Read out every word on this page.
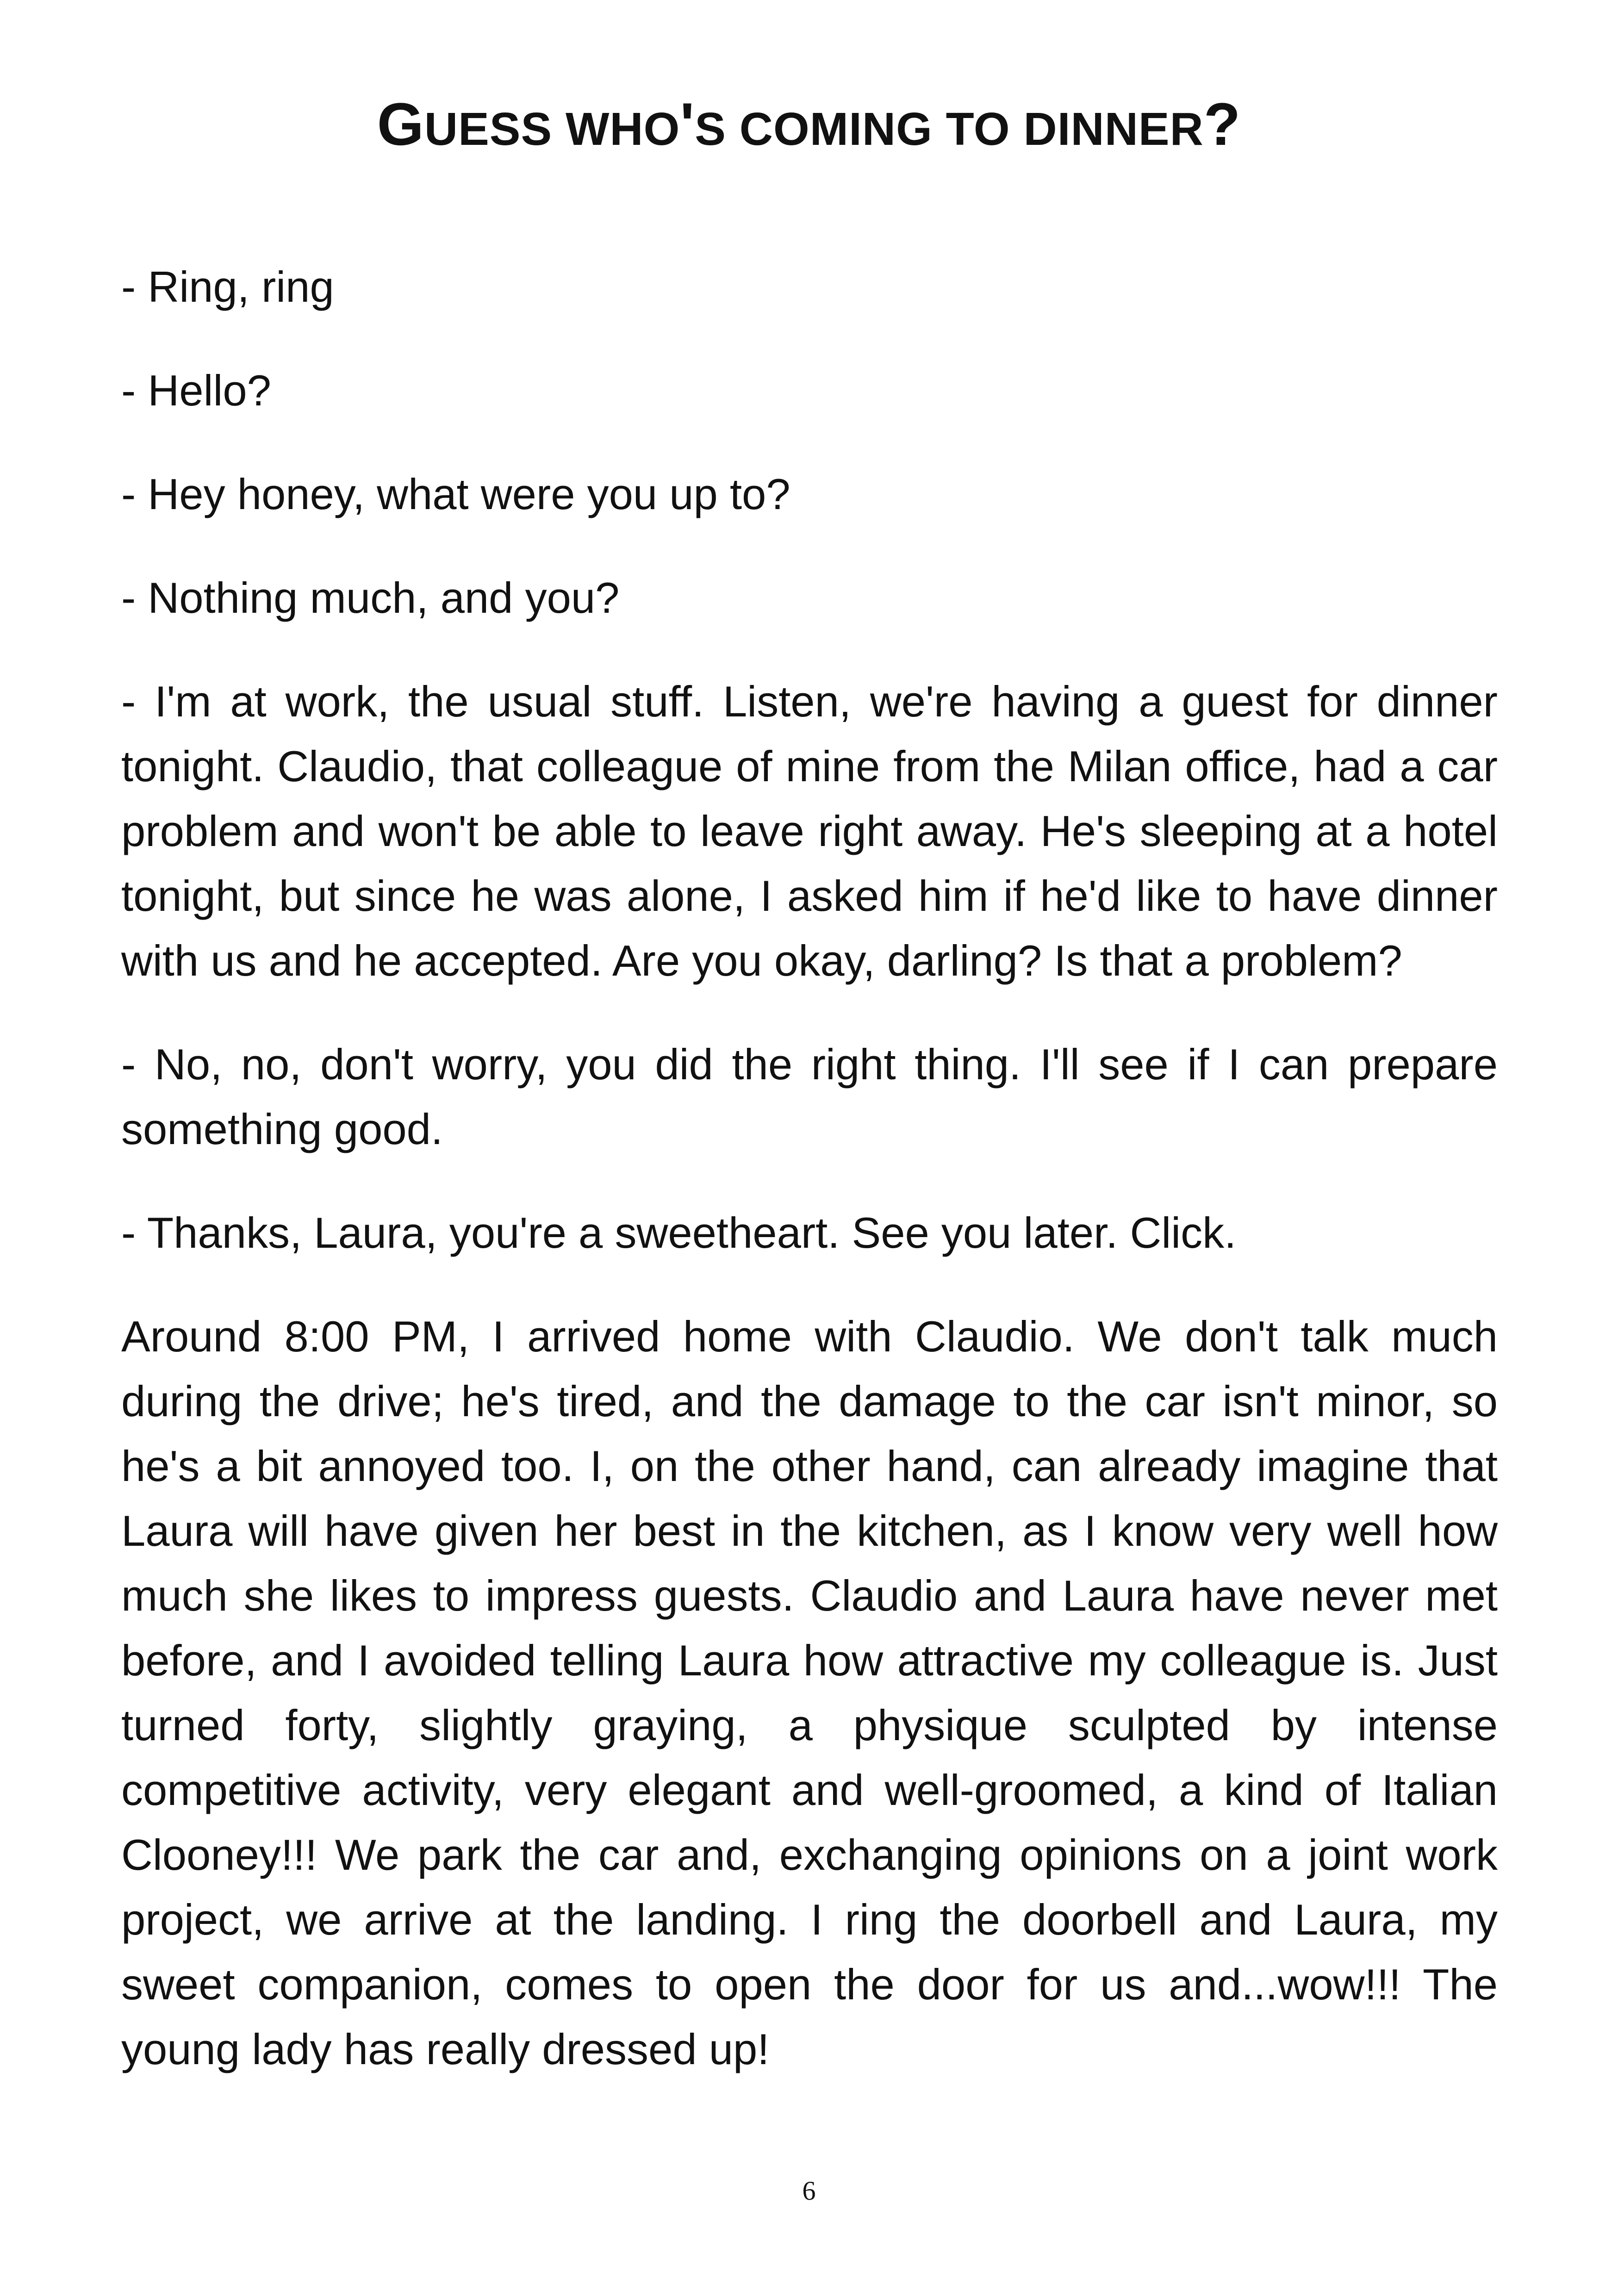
GUESS WHO'S COMING TO DINNER?

- Ring, ring

- Hello?

- Hey honey, what were you up to?

- Nothing much, and you?

- I'm at work, the usual stuff. Listen, we're having a guest for dinner tonight. Claudio, that colleague of mine from the Milan office, had a car problem and won't be able to leave right away. He's sleeping at a hotel tonight, but since he was alone, I asked him if he'd like to have dinner with us and he accepted. Are you okay, darling? Is that a problem?

- No, no, don't worry, you did the right thing. I'll see if I can prepare something good.

- Thanks, Laura, you're a sweetheart. See you later. Click.

Around 8:00 PM, I arrived home with Claudio. We don't talk much during the drive; he's tired, and the damage to the car isn't minor, so he's a bit annoyed too. I, on the other hand, can already imagine that Laura will have given her best in the kitchen, as I know very well how much she likes to impress guests. Claudio and Laura have never met before, and I avoided telling Laura how attractive my colleague is. Just turned forty, slightly graying, a physique sculpted by intense competitive activity, very elegant and well-groomed, a kind of Italian Clooney!!! We park the car and, exchanging opinions on a joint work project, we arrive at the landing. I ring the doorbell and Laura, my sweet companion, comes to open the door for us and...wow!!! The young lady has really dressed up!

6
